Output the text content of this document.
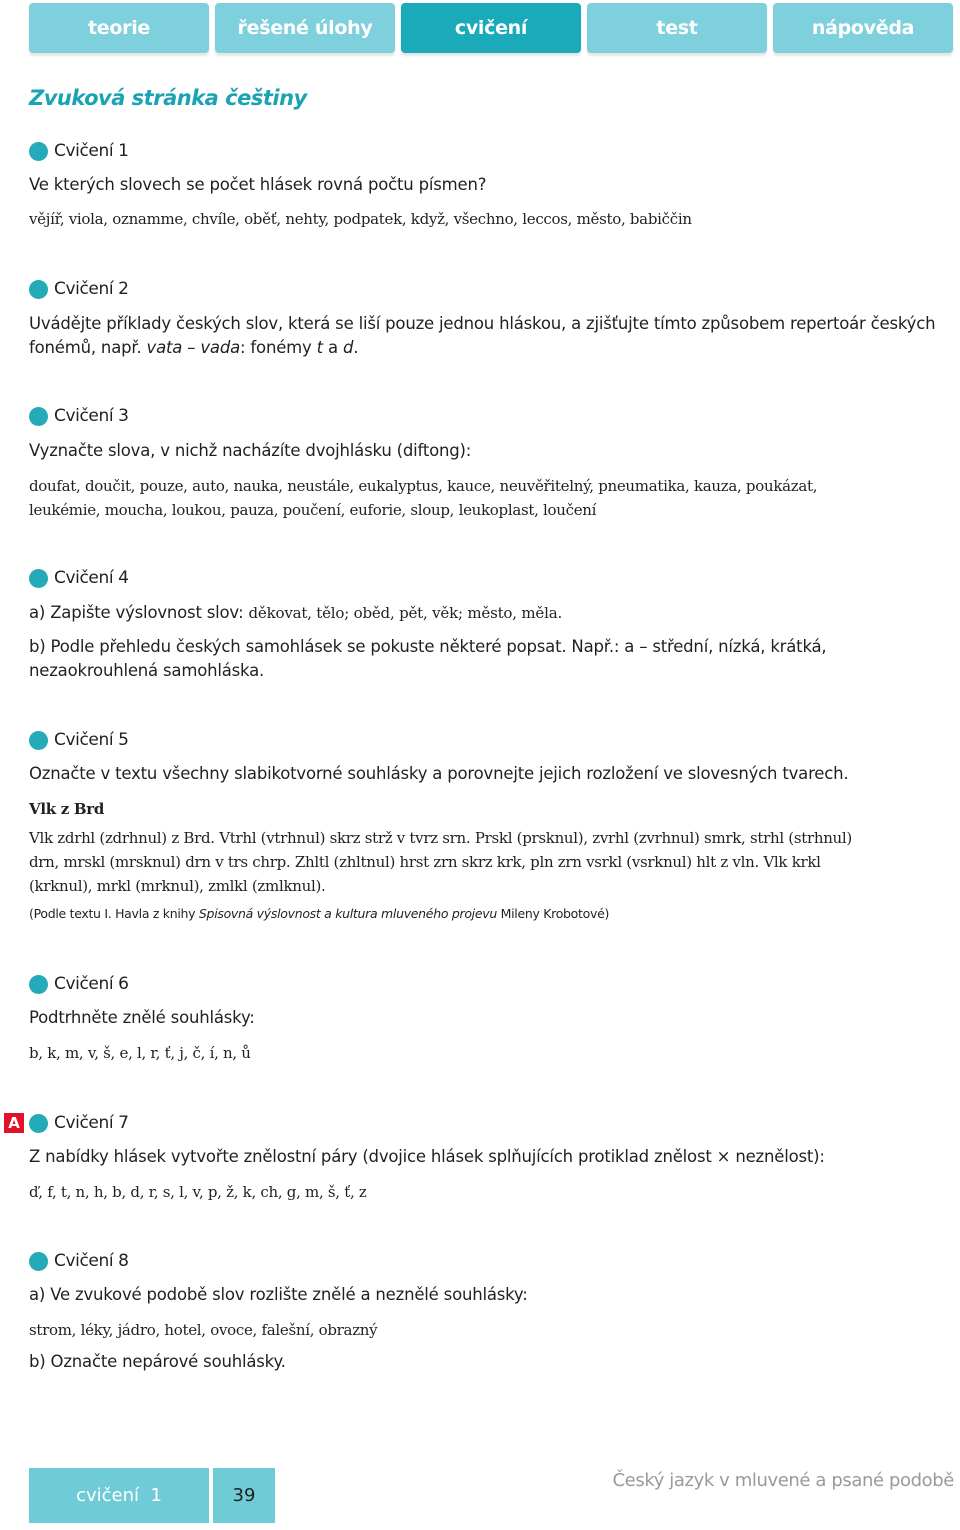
teorie	řešené úlohy	cvičení	test	nápověda
Zvuková stránka češtiny
Cvičení 1
Ve kterých slovech se počet hlásek rovná počtu písmen?
vějíř, viola, oznamme, chvíle, oběť, nehty, podpatek, když, všechno, leccos, město, babiččin
Cvičení 2
Uvádějte příklady českých slov, která se liší pouze jednou hláskou, a zjišťujte tímto způsobem repertoár českých
fonémů, např. vata – vada: fonémy t a d.
Cvičení 3
Vyznačte slova, v nichž nacházíte dvojhlásku (diftong):
doufat, doučit, pouze, auto, nauka, neustále, eukalyptus, kauce, neuvěřitelný, pneumatika, kauza, poukázat,
leukémie, moucha, loukou, pauza, poučení, euforie, sloup, leukoplast, loučení
Cvičení 4
a) Zapište výslovnost slov: děkovat, tělo; oběd, pět, věk; město, měla.
b) Podle přehledu českých samohlásek se pokuste některé popsat. Např.: a – střední, nízká, krátká,
nezaokrouhlená samohláska.
Cvičení 5
Označte v textu všechny slabikotvorné souhlásky a porovnejte jejich rozložení ve slovesných tvarech.
Vlk z Brd
Vlk zdrhl (zdrhnul) z Brd. Vtrhl (vtrhnul) skrz strž v tvrz srn. Prskl (prsknul), zvrhl (zvrhnul) smrk, strhl (strhnul)
drn, mrskl (mrsknul) drn v trs chrp. Zhltl (zhltnul) hrst zrn skrz krk, pln zrn vsrkl (vsrknul) hlt z vln. Vlk krkl
(krknul), mrkl (mrknul), zmlkl (zmlknul).
(Podle textu I. Havla z knihy Spisovná výslovnost a kultura mluveného projevu Mileny Krobotové)
Cvičení 6
Podtrhněte znělé souhlásky:
b, k, m, v, š, e, l, r, ť, j, č, í, n, ů
A Cvičení 7
Z nabídky hlásek vytvořte znělostní páry (dvojice hlásek splňujících protiklad znělost × neznělost):
ď, f, t, n, h, b, d, r, s, l, v, p, ž, k, ch, g, m, š, ť, z
Cvičení 8
a) Ve zvukové podobě slov rozlište znělé a neznělé souhlásky:
strom, léky, jádro, hotel, ovoce, falešní, obrazný
b) Označte nepárové souhlásky.
cvičení  1	39
Český jazyk v mluvené a psané podobě
